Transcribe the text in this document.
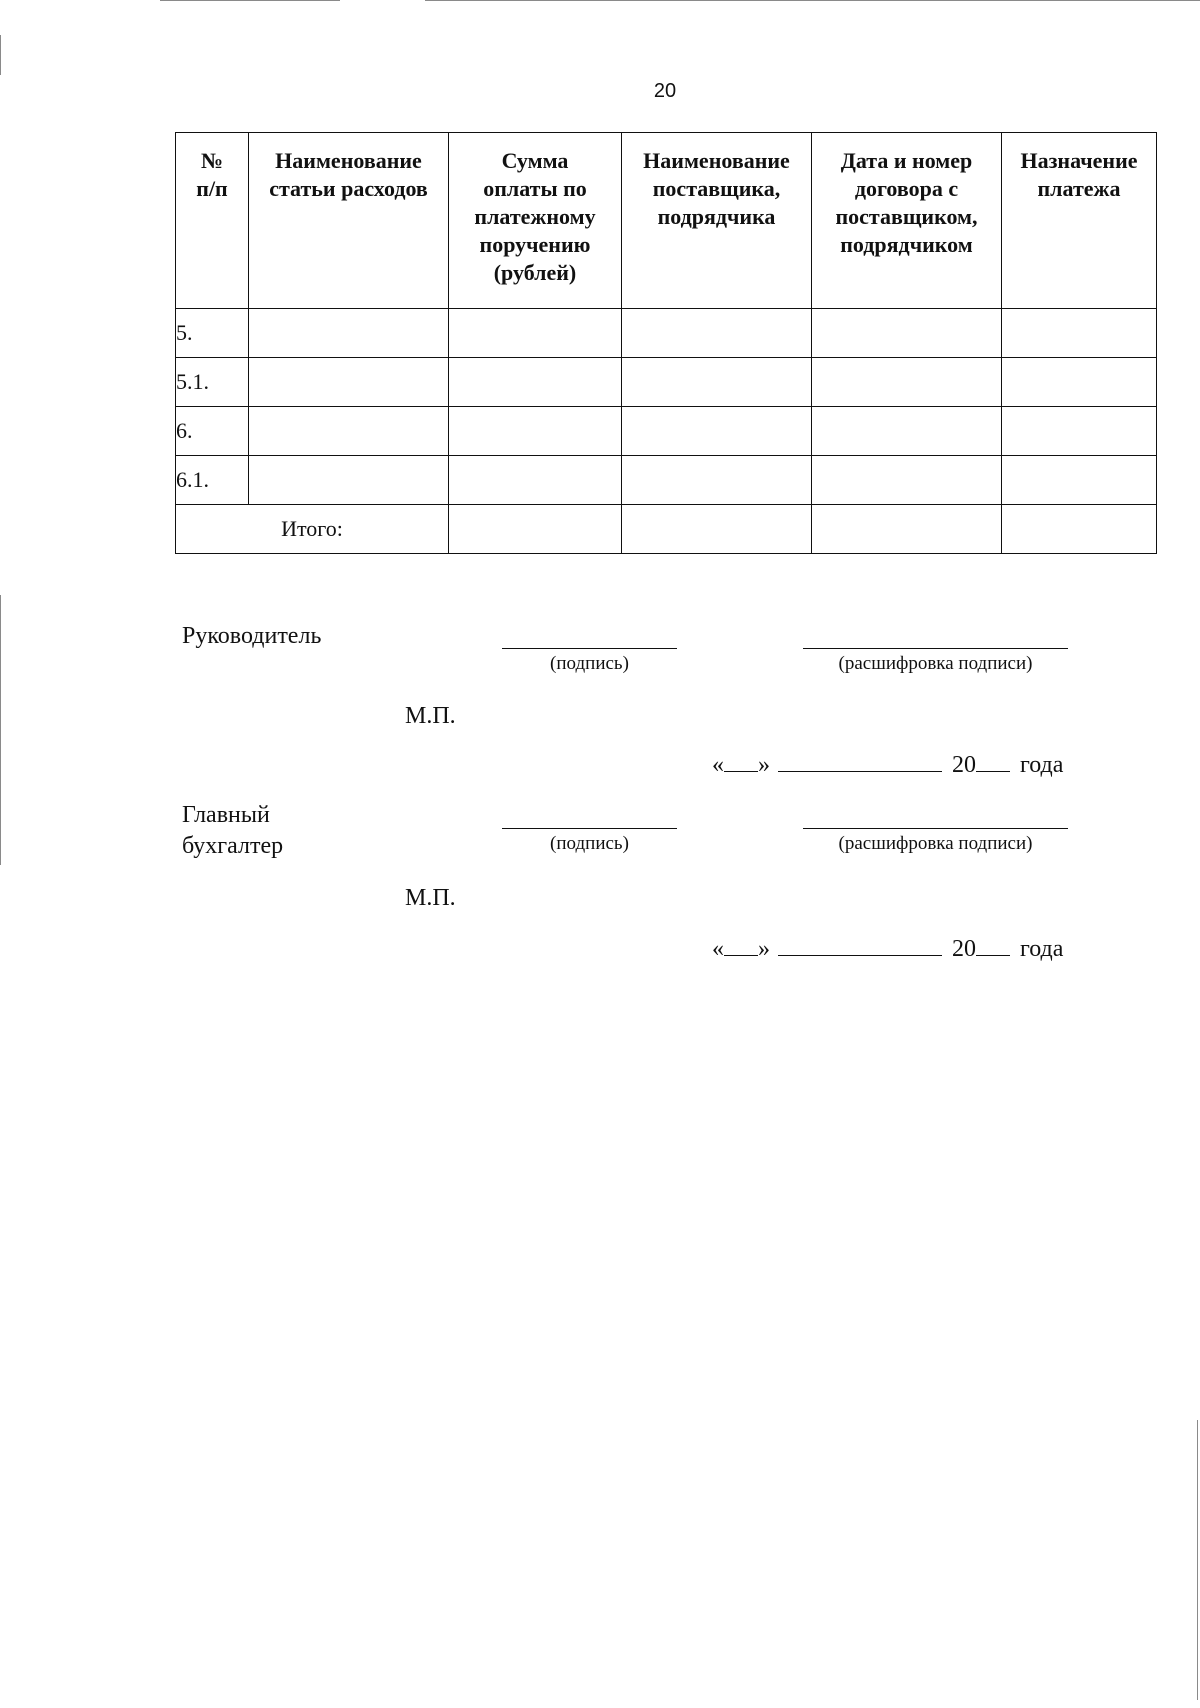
20
№ п/п	Наименование статьи расходов	Сумма оплаты по платежному поручению (рублей)	Наименование поставщика, подрядчика	Дата и номер договора с поставщиком, подрядчиком	Назначение платежа
5.					
5.1.					
6.					
6.1.					
Итого:					
Руководитель
(подпись)	(расшифровка подписи)
М.П.
« »	20 года
Главный
бухгалтер	(подпись)	(расшифровка подписи)
М.П.
« »	20 года
